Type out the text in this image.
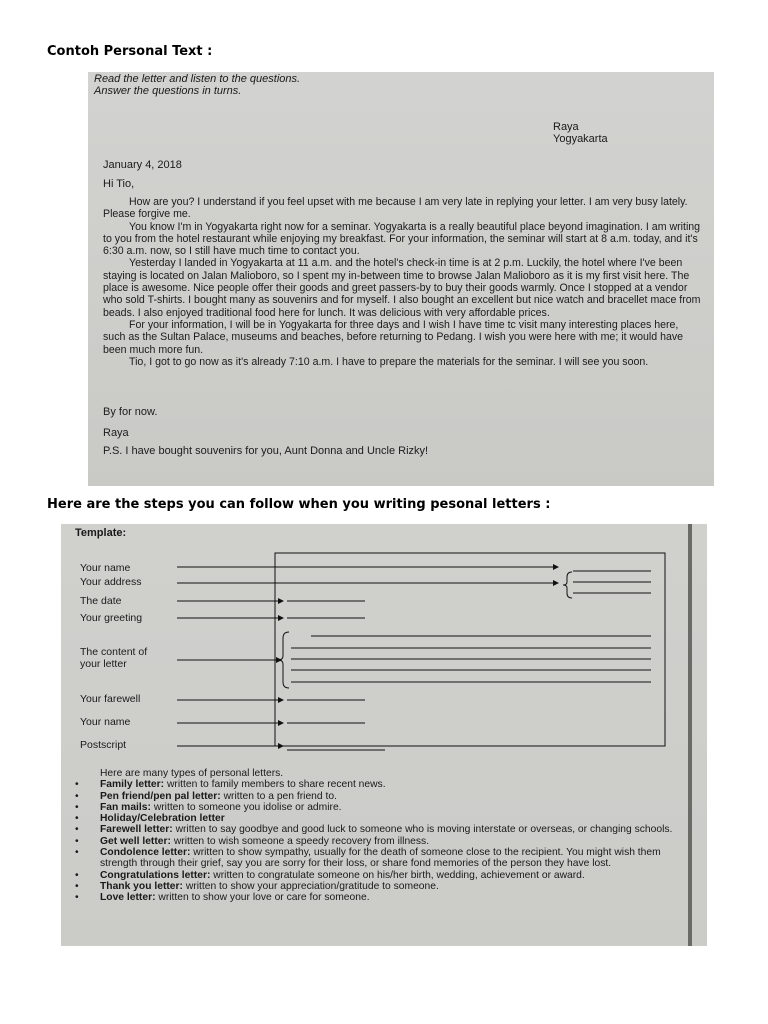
Contoh Personal Text :
Read the letter and listen to the questions.
Answer the questions in turns.
Raya
Yogyakarta
January 4, 2018
Hi Tio,

How are you? I understand if you feel upset with me because I am very late in replying your letter. I am very busy lately. Please forgive me.

You know I'm in Yogyakarta right now for a seminar. Yogyakarta is a really beautiful place beyond imagination. I am writing to you from the hotel restaurant while enjoying my breakfast. For your information, the seminar will start at 8 a.m. today, and it's 6:30 a.m. now, so I still have much time to contact you.

Yesterday I landed in Yogyakarta at 11 a.m. and the hotel's check-in time is at 2 p.m. Luckily, the hotel where I've been staying is located on Jalan Malioboro, so I spent my in-between time to browse Jalan Malioboro as it is my first visit here. The place is awesome. Nice people offer their goods and greet passers-by to buy their goods warmly. Once I stopped at a vendor who sold T-shirts. I bought many as souvenirs and for myself. I also bought an excellent but nice watch and bracellet mace from beads. I also enjoyed traditional food here for lunch. It was delicious with very affordable prices.

For your information, I will be in Yogyakarta for three days and I wish I have time tc visit many interesting places here, such as the Sultan Palace, museums and beaches, before returning to Pedang. I wish you were here with me; it would have been much more fun.

Tio, I got to go now as it's already 7:10 a.m. I have to prepare the materials for the seminar. I will see you soon.

By for now.
Raya
P.S. I have bought souvenirs for you, Aunt Donna and Uncle Rizky!
Here are the steps you can follow when you writing pesonal letters :
Template:
Your name
Your address
The date
Your greeting
The content of
your letter
Your farewell
Your name
Postscript

Here are many types of personal letters.

• Family letter: written to family members to share recent news.
• Pen friend/pen pal letter: written to a pen friend to.
• Fan mails: written to someone you idolise or admire.
• Holiday/Celebration letter
• Farewell letter: written to say goodbye and good luck to someone who is moving interstate or overseas, or changing schools.
• Get well letter: written to wish someone a speedy recovery from illness.
• Condolence letter: written to show sympathy, usually for the death of someone close to the recipient. You might wish them strength through their grief, say you are sorry for their loss, or share fond memories of the person they have lost.
• Congratulations letter: written to congratulate someone on his/her birth, wedding, achievement or award.
• Thank you letter: written to show your appreciation/gratitude to someone.
• Love letter: written to show your love or care for someone.
